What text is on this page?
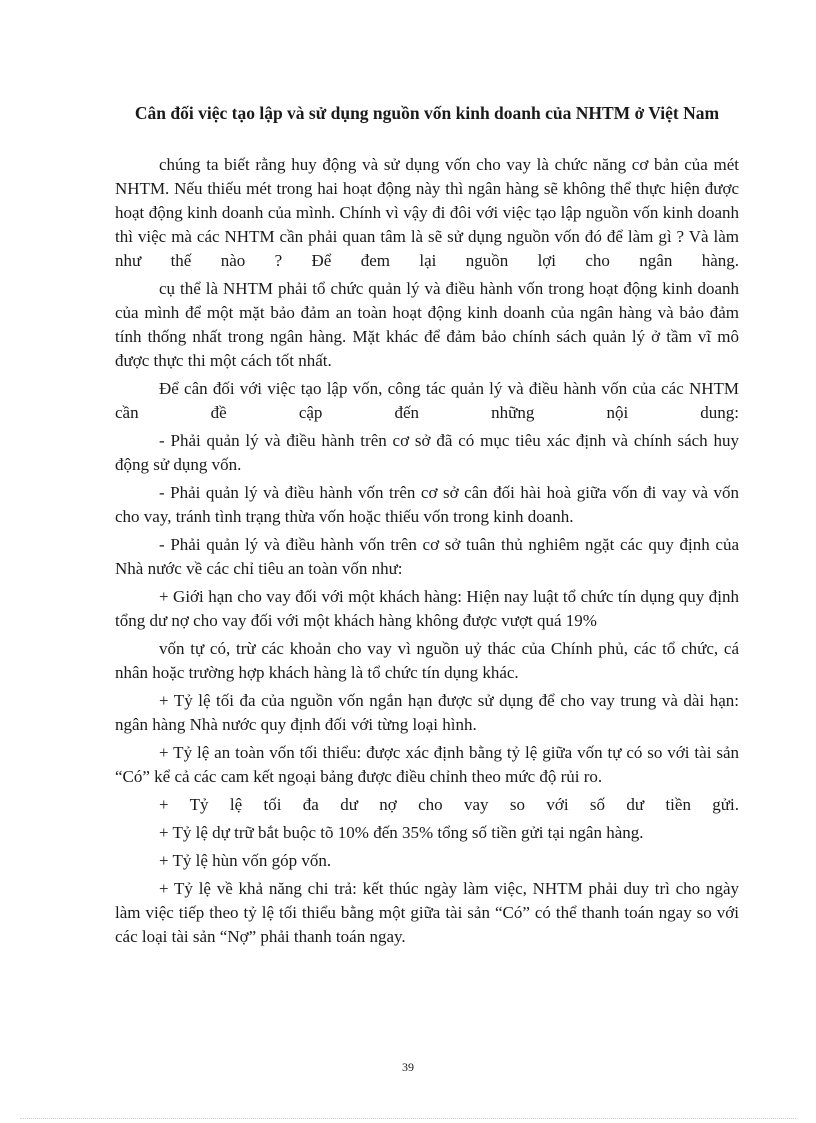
Cân đối việc tạo lập và sử dụng nguồn vốn kinh doanh của NHTM ở Việt Nam

chúng ta biết rằng huy động và sử dụng vốn cho vay là chức năng cơ bản của mét NHTM. Nếu thiếu mét trong hai hoạt động này thì ngân hàng sẽ không thể thực hiện được hoạt động kinh doanh của mình. Chính vì vậy đi đôi với việc tạo lập nguồn vốn kinh doanh thì việc mà các NHTM cần phải quan tâm là sẽ sử dụng nguồn vốn đó để làm gì ? Và làm như thế nào ? Để đem lại nguồn lợi cho ngân hàng.

cụ thể là NHTM phải tổ chức quản lý và điều hành vốn trong hoạt động kinh doanh của mình để một mặt bảo đảm an toàn hoạt động kinh doanh của ngân hàng và bảo đảm tính thống nhất trong ngân hàng. Mặt khác để đảm bảo chính sách quản lý ở tầm vĩ mô được thực thi một cách tốt nhất.

Để cân đối với việc tạo lập vốn, công tác quản lý và điều hành vốn của các NHTM cần đề cập đến những nội dung:

- Phải quản lý và điều hành trên cơ sở đã có mục tiêu xác định và chính sách huy động sử dụng vốn.

- Phải quản lý và điều hành vốn trên cơ sở cân đối hài hoà giữa vốn đi vay và vốn cho vay, tránh tình trạng thừa vốn hoặc thiếu vốn trong kinh doanh.

- Phải quản lý và điều hành vốn trên cơ sở tuân thủ nghiêm ngặt các quy định của Nhà nước về các chỉ tiêu an toàn vốn như:

+ Giới hạn cho vay đối với một khách hàng: Hiện nay luật tổ chức tín dụng quy định tổng dư nợ cho vay đối với một khách hàng không được vượt quá 19%

vốn tự có, trừ các khoản cho vay vì nguồn uỷ thác của Chính phủ, các tổ chức, cá nhân hoặc trường hợp khách hàng là tổ chức tín dụng khác.

+ Tỷ lệ tối đa của nguồn vốn ngắn hạn được sử dụng để cho vay trung và dài hạn: ngân hàng Nhà nước quy định đối với từng loại hình.

+ Tỷ lệ an toàn vốn tối thiểu: được xác định bằng tỷ lệ giữa vốn tự có so với tài sản “Có” kể cả các cam kết ngoại bảng được điều chỉnh theo mức độ rủi ro.

+ Tỷ lệ tối đa dư nợ cho vay so với số dư tiền gửi.

+ Tỷ lệ dự trữ bắt buộc tõ 10% đến 35% tổng số tiền gửi tại ngân hàng.

+ Tỷ lệ hùn vốn góp vốn.

+ Tỷ lệ về khả năng chi trả: kết thúc ngày làm việc, NHTM phải duy trì cho ngày làm việc tiếp theo tỷ lệ tối thiểu bằng một giữa tài sản “Có” có thể thanh toán ngay so với các loại tài sản “Nợ” phải thanh toán ngay.

39
